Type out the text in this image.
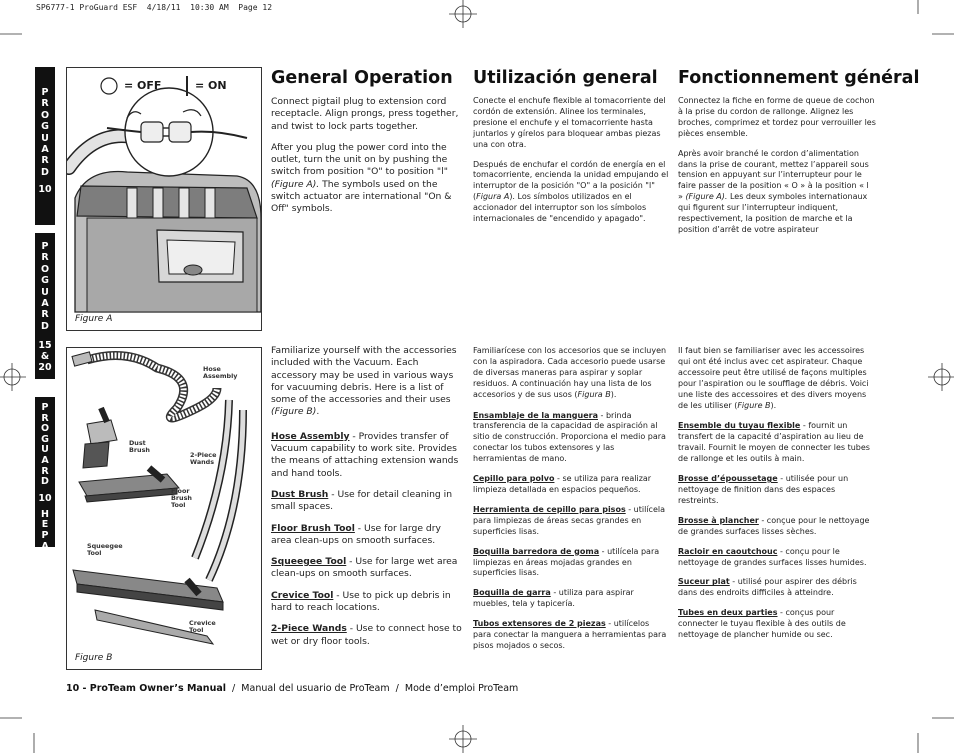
SP6777-1 ProGuard ESF  4/18/11  10:30 AM  Page 12
P
R
O
G
U
A
R
D
10
P
R
O
G
U
A
R
D
15
&
20
P
R
O
G
U
A
R
D
10
H
E
P
A
= OFF	= ON
Figure A
Hose
Assembly
Dust
Brush
2-Piece
Wands
Floor
Brush
Tool
Squeegee
Tool
Crevice
Tool
Figure B
General Operation

Connect pigtail plug to extension cord receptacle. Align prongs, press together, and twist to lock parts together.

After you plug the power cord into the outlet, turn the unit on by pushing the switch from position "O" to position "l" (Figure A). The symbols used on the switch actuator are international "On & Off" symbols.

Familiarize yourself with the accessories included with the Vacuum. Each accessory may be used in various ways for vacuuming debris. Here is a list of some of the accessories and their uses (Figure B).

Hose Assembly - Provides transfer of Vacuum capability to work site. Provides the means of attaching extension wands and hand tools.

Dust Brush - Use for detail cleaning in small spaces.

Floor Brush Tool - Use for large dry area clean-ups on smooth surfaces.

Squeegee Tool - Use for large wet area clean-ups on smooth surfaces.

Crevice Tool - Use to pick up debris in hard to reach locations.

2-Piece Wands - Use to connect hose to wet or dry floor tools.

Utilización general

Conecte el enchufe flexible al tomacorriente del cordón de extensión. Alinee los terminales, presione el enchufe y el tomacorriente hasta juntarlos y gírelos para bloquear ambas piezas una con otra.

Después de enchufar el cordón de energía en el tomacorriente, encienda la unidad empujando el interruptor de la posición "O" a la posición "l" (Figura A). Los símbolos utilizados en el accionador del interruptor son los símbolos internacionales de "encendido y apagado".

Familiarícese con los accesorios que se incluyen con la aspiradora. Cada accesorio puede usarse de diversas maneras para aspirar y soplar residuos. A continuación hay una lista de los accesorios y de sus usos (Figura B).

Ensamblaje de la manguera - brinda transferencia de la capacidad de aspiración al sitio de construcción. Proporciona el medio para conectar los tubos extensores y las herramientas de mano.

Cepillo para polvo - se utiliza para realizar limpieza detallada en espacios pequeños.

Herramienta de cepillo para pisos - utilícela para limpiezas de áreas secas grandes en superficies lisas.

Boquilla barredora de goma - utilícela para limpiezas en áreas mojadas grandes en superficies lisas.

Boquilla de garra - utiliza para aspirar muebles, tela y tapicería.

Tubos extensores de 2 piezas - utilícelos para conectar la manguera a herramientas para pisos mojados o secos.

Fonctionnement général

Connectez la fiche en forme de queue de cochon à la prise du cordon de rallonge. Alignez les broches, comprimez et tordez pour verrouiller les pièces ensemble.

Après avoir branché le cordon d’alimentation dans la prise de courant, mettez l’appareil sous tension en appuyant sur l’interrupteur pour le faire passer de la position « O » à la position « l » (Figure A). Les deux symboles internationaux qui figurent sur l’interrupteur indiquent, respectivement, la position de marche et la position d’arrêt de votre aspirateur

Il faut bien se familiariser avec les accessoires qui ont été inclus avec cet aspirateur. Chaque accessoire peut être utilisé de façons multiples pour l’aspiration ou le soufflage de débris. Voici une liste des accessoires et des divers moyens de les utiliser (Figure B).

Ensemble du tuyau flexible - fournit un transfert de la capacité d’aspiration au lieu de travail. Fournit le moyen de connecter les tubes de rallonge et les outils à main.

Brosse d’époussetage - utilisée pour un nettoyage de finition dans des espaces restreints.

Brosse à plancher - conçue pour le nettoyage de grandes surfaces lisses sèches.

Racloir en caoutchouc - conçu pour le nettoyage de grandes surfaces lisses humides.

Suceur plat - utilisé pour aspirer des débris dans des endroits difficiles à atteindre.

Tubes en deux parties - conçus pour connecter le tuyau flexible à des outils de nettoyage de plancher humide ou sec.

10 - ProTeam Owner’s Manual  /  Manual del usuario de ProTeam  /  Mode d’emploi ProTeam
